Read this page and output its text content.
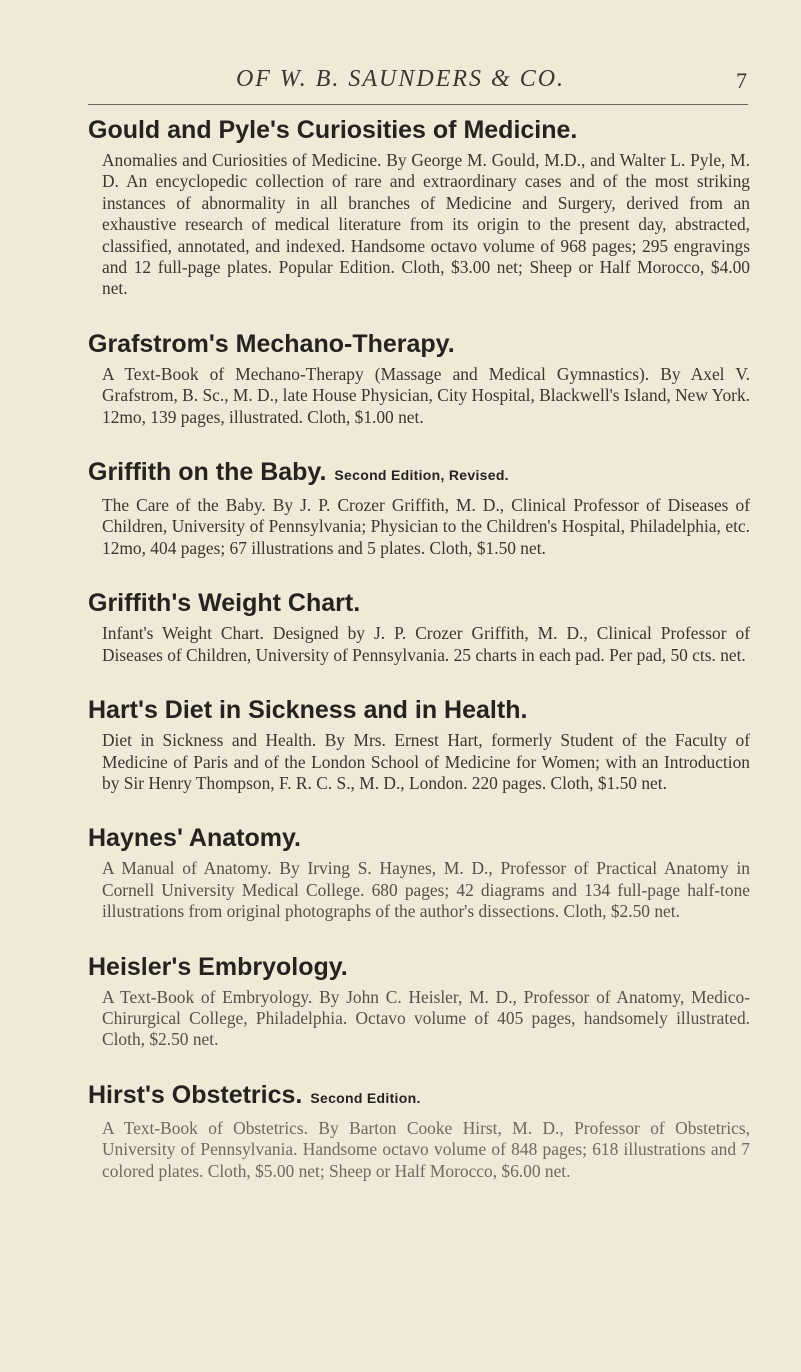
OF W. B. SAUNDERS & CO.	7
Gould and Pyle's Curiosities of Medicine.

Anomalies and Curiosities of Medicine. By George M. Gould, M.D., and Walter L. Pyle, M. D. An encyclopedic collection of rare and extraordinary cases and of the most striking instances of abnormality in all branches of Medicine and Surgery, derived from an exhaustive research of medical literature from its origin to the present day, abstracted, classified, annotated, and indexed. Handsome octavo volume of 968 pages; 295 engravings and 12 full-page plates. Popular Edition. Cloth, $3.00 net; Sheep or Half Morocco, $4.00 net.

Grafstrom's Mechano-Therapy.

A Text-Book of Mechano-Therapy (Massage and Medical Gymnastics). By Axel V. Grafstrom, B. Sc., M. D., late House Physician, City Hospital, Blackwell's Island, New York. 12mo, 139 pages, illustrated. Cloth, $1.00 net.

Griffith on the Baby. Second Edition, Revised.

The Care of the Baby. By J. P. Crozer Griffith, M. D., Clinical Professor of Diseases of Children, University of Pennsylvania; Physician to the Children's Hospital, Philadelphia, etc. 12mo, 404 pages; 67 illustrations and 5 plates. Cloth, $1.50 net.

Griffith's Weight Chart.

Infant's Weight Chart. Designed by J. P. Crozer Griffith, M. D., Clinical Professor of Diseases of Children, University of Pennsylvania. 25 charts in each pad. Per pad, 50 cts. net.

Hart's Diet in Sickness and in Health.

Diet in Sickness and Health. By Mrs. Ernest Hart, formerly Student of the Faculty of Medicine of Paris and of the London School of Medicine for Women; with an Introduction by Sir Henry Thompson, F. R. C. S., M. D., London. 220 pages. Cloth, $1.50 net.

Haynes' Anatomy.

A Manual of Anatomy. By Irving S. Haynes, M. D., Professor of Practical Anatomy in Cornell University Medical College. 680 pages; 42 diagrams and 134 full-page half-tone illustrations from original photographs of the author's dissections. Cloth, $2.50 net.

Heisler's Embryology.

A Text-Book of Embryology. By John C. Heisler, M. D., Professor of Anatomy, Medico-Chirurgical College, Philadelphia. Octavo volume of 405 pages, handsomely illustrated. Cloth, $2.50 net.

Hirst's Obstetrics. Second Edition.

A Text-Book of Obstetrics. By Barton Cooke Hirst, M. D., Professor of Obstetrics, University of Pennsylvania. Handsome octavo volume of 848 pages; 618 illustrations and 7 colored plates. Cloth, $5.00 net; Sheep or Half Morocco, $6.00 net.
